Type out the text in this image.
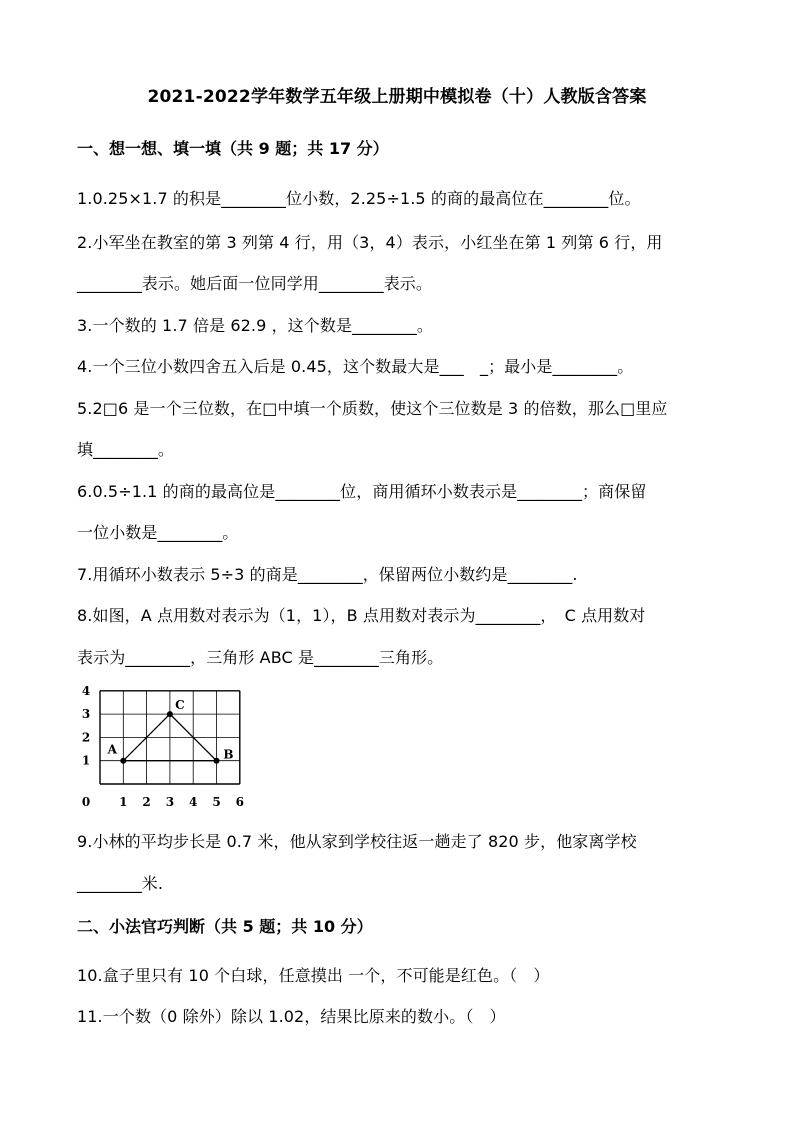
2021-2022学年数学五年级上册期中模拟卷（十）人教版含答案
一、想一想、填一填（共 9 题；共 17 分）
1.0.25×1.7 的积是________位小数，2.25÷1.5 的商的最高位在________位。
2.小军坐在教室的第 3 列第 4 行，用（3，4）表示，小红坐在第 1 列第 6 行，用
________表示。她后面一位同学用________表示。
3.一个数的 1.7 倍是 62.9 ，这个数是________。
4.一个三位小数四舍五入后是 0.45，这个数最大是___　_；最小是________。
5.2□6 是一个三位数，在□中填一个质数，使这个三位数是 3 的倍数，那么□里应
填________。
6.0.5÷1.1 的商的最高位是________位，商用循环小数表示是________；商保留
一位小数是________。
7.用循环小数表示 5÷3 的商是________，保留两位小数约是________.
8.如图，A 点用数对表示为（1，1），B 点用数对表示为________，　C 点用数对
表示为________，三角形 ABC 是________三角形。
0 1 2 3 4 5 6
1
2
3
4
A	B
C
9.小林的平均步长是 0.7 米，他从家到学校往返一趟走了 820 步，他家离学校
________米.
二、小法官巧判断（共 5 题；共 10 分）
10.盒子里只有 10 个白球，任意摸出 一个，不可能是红色。（　）
11.一个数（0 除外）除以 1.02，结果比原来的数小。（　）
